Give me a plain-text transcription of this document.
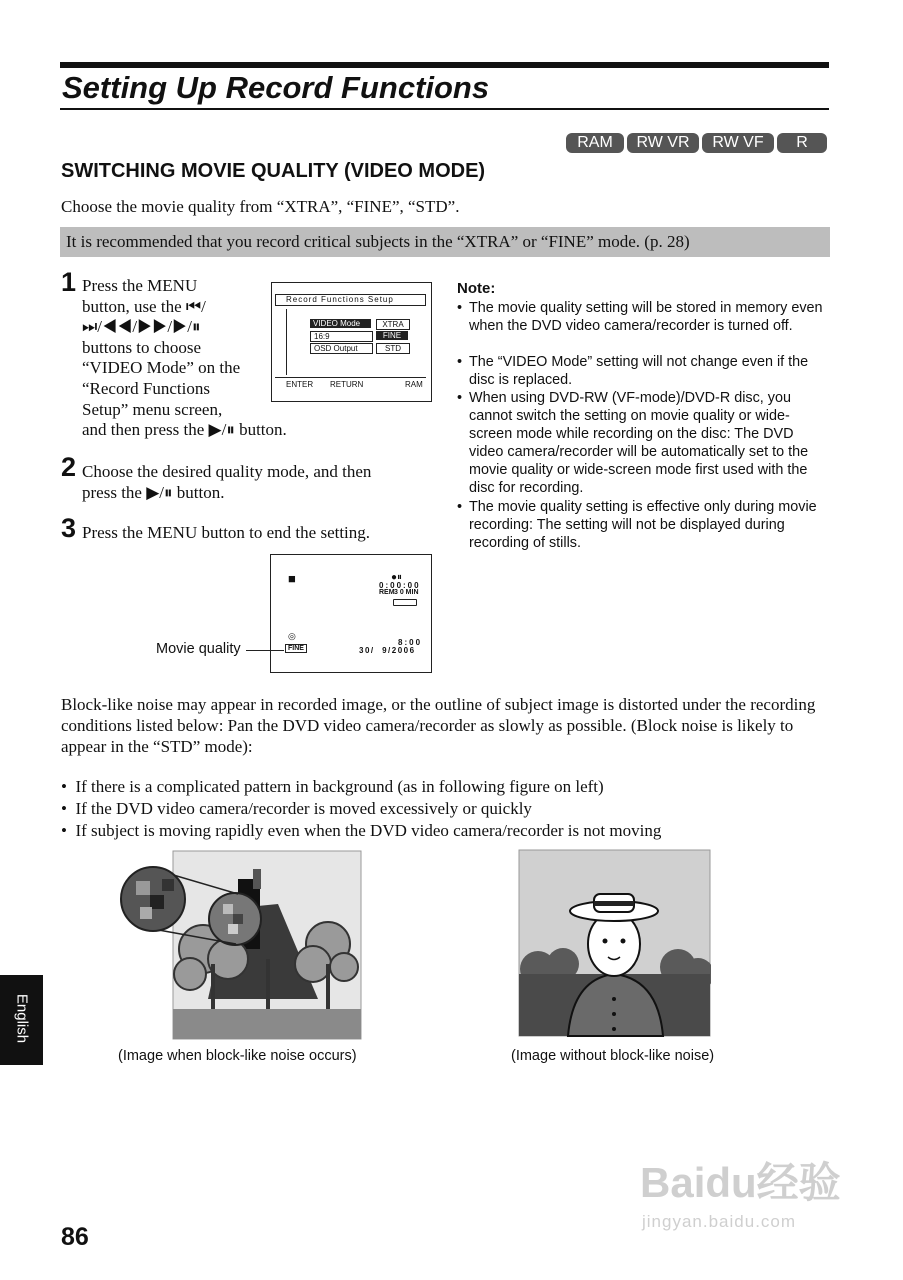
Setting Up Record Functions
RAM	RW VR	RW VF	R
SWITCHING MOVIE QUALITY (VIDEO MODE)
Choose the movie quality from “XTRA”, “FINE”, “STD”.
It is recommended that you record critical subjects in the “XTRA” or “FINE” mode. (p. 28)
1 Press the MENU
button, use the ⏮/
⏭/◀◀/▶▶/▶/⏸
buttons to choose
“VIDEO Mode” on the
“Record Functions
Setup” menu screen,
and then press the ▶/⏸ button.
Record Functions Setup
VIDEO Mode
16:9
OSD Output
XTRA
FINE
STD
ENTER RETURN	RAM
2 Choose the desired quality mode, and then
press the ▶/⏸ button.
3 Press the MENU button to end the setting.
■	●⏸
0:00:00
REM 3 0 MIN
◎
FINE
8:00
30/  9/2006
Movie quality
Note:
• The movie quality setting will be stored in memory even when the DVD video camera/recorder is turned off.
• The “VIDEO Mode” setting will not change even if the disc is replaced.
• When using DVD-RW (VF-mode)/DVD-R disc, you cannot switch the setting on movie quality or wide-screen mode while recording on the disc: The DVD video camera/recorder will be automatically set to the movie quality or wide-screen mode first used with the disc for recording.
• The movie quality setting is effective only during movie recording: The setting will not be displayed during recording of stills.
Block-like noise may appear in recorded image, or the outline of subject image is distorted under the recording conditions listed below: Pan the DVD video camera/recorder as slowly as possible. (Block noise is likely to appear in the “STD” mode):
•  If there is a complicated pattern in background (as in following figure on left)
•  If the DVD video camera/recorder is moved excessively or quickly
•  If subject is moving rapidly even when the DVD video camera/recorder is not moving
(Image when block-like noise occurs)	(Image without block-like noise)
English
86
Baidu经验
jingyan.baidu.com
